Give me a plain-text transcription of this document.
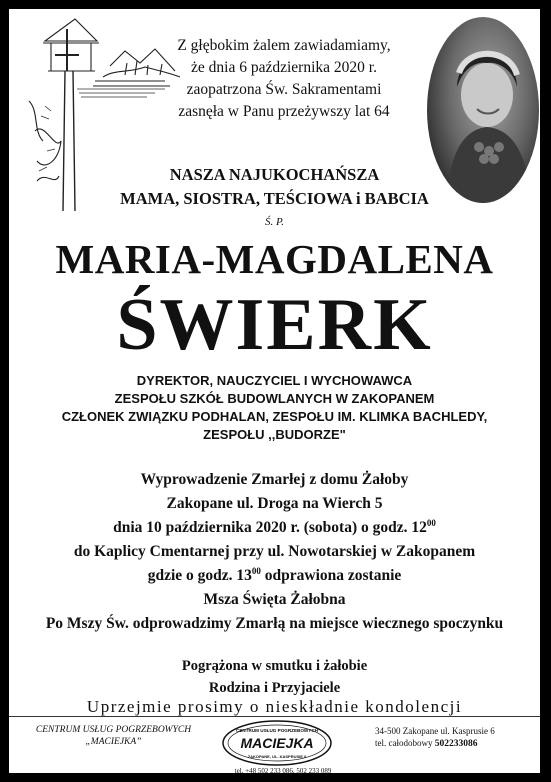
Z głębokim żalem zawiadamiamy,
że dnia 6 października 2020 r.
zaopatrzona Św. Sakramentami
zasnęła w Panu przeżywszy lat 64
NASZA NAJUKOCHAŃSZA
MAMA, SIOSTRA, TEŚCIOWA i BABCIA
Ś. P.
MARIA-MAGDALENA
ŚWIERK
DYREKTOR, NAUCZYCIEL I WYCHOWAWCA
ZESPOŁU SZKÓŁ BUDOWLANYCH W ZAKOPANEM
CZŁONEK ZWIĄZKU PODHALAN, ZESPOŁU IM. KLIMKA BACHLEDY,
ZESPOŁU ,,BUDORZE"
Wyprowadzenie Zmarłej z domu Żałoby
Zakopane ul. Droga na Wierch 5
dnia 10 października 2020 r. (sobota) o godz. $12^{00}$
do Kaplicy Cmentarnej przy ul. Nowotarskiej w Zakopanem
gdzie o godz. $13^{00}$ odprawiona zostanie
Msza Święta Żałobna
Po Mszy Św. odprowadzimy Zmarłą na miejsce wiecznego spoczynku
Pogrążona w smutku i żałobie
Rodzina i Przyjaciele
Uprzejmie prosimy o nieskładnie kondolencji
CENTRUM USŁUG POGRZEBOWYCH
„MACIEJKA”
CENTRUM USŁUG POGRZEBOWYCH
MACIEJKA
ZAKOPANE, UL. KASPRUSIE 6
34-500 Zakopane ul. Kasprusie 6
tel. całodobowy 502233086
tel. +48 502 233 086, 502 233 089
